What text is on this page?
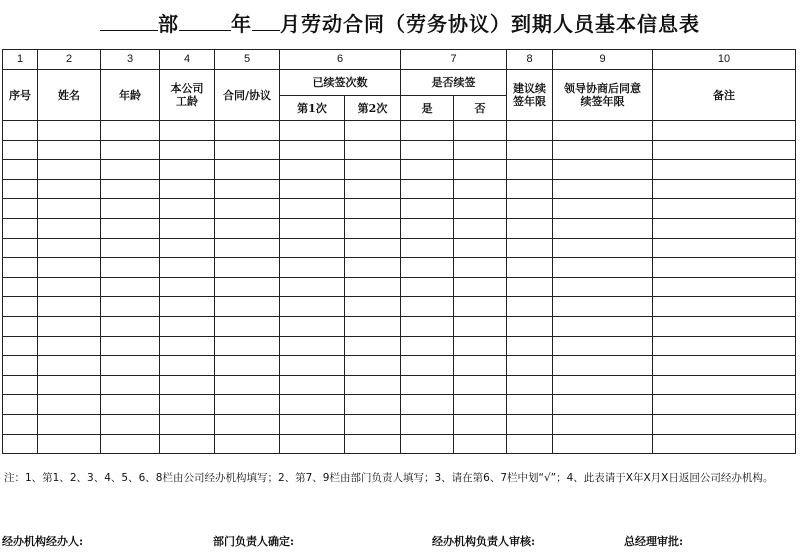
部	年 月劳动合同（劳务协议）到期人员基本信息表
1	2	3	4	5	6		7		8	9	10
序号	姓名	年龄	本公司工龄	合同/协议	已续签次数		是否续签		建议续签年限	领导协商后同意续签年限	备注
					第1次	第2次	是	否			

注：1、第1、2、3、4、5、6、8栏由公司经办机构填写；2、第7、9栏由部门负责人填写；3、请在第6、7栏中划“√”；4、此表请于X年X月X日返回公司经办机构。
经办机构经办人:	部门负责人确定:	经办机构负责人审核:	总经理审批:
